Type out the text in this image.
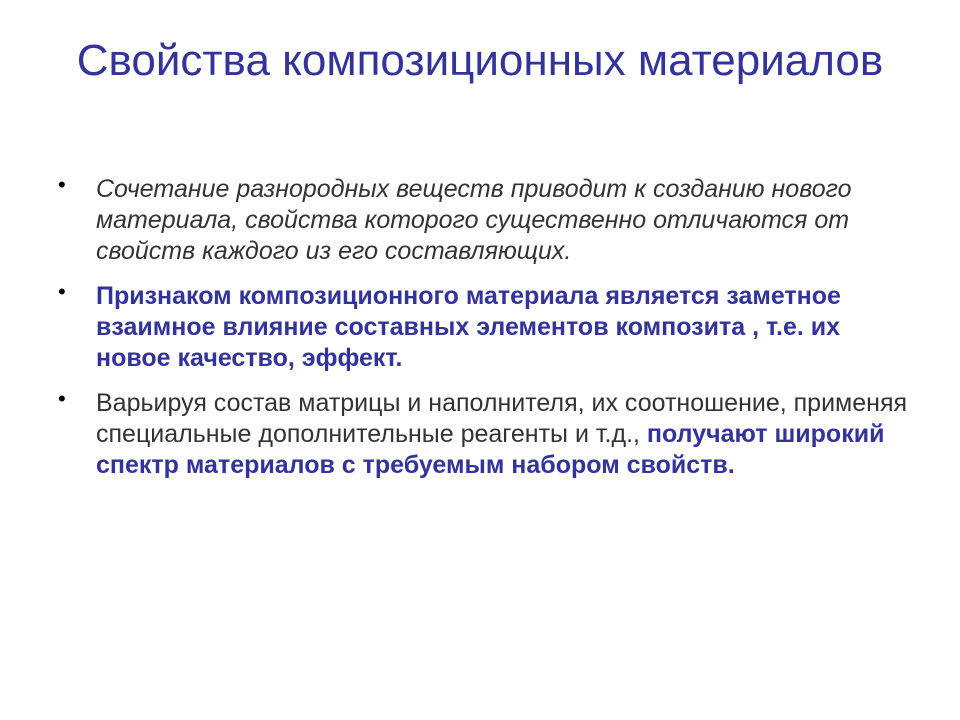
Свойства композиционных материалов
• Сочетание разнородных веществ приводит к созданию нового материала, свойства которого существенно отличаются от свойств каждого из его составляющих.
• Признаком композиционного материала является заметное взаимное влияние составных элементов композита , т.е. их новое качество, эффект.
• Варьируя состав матрицы и наполнителя, их соотношение, применяя специальные дополнительные реагенты и т.д., получают широкий спектр материалов с требуемым набором свойств.
